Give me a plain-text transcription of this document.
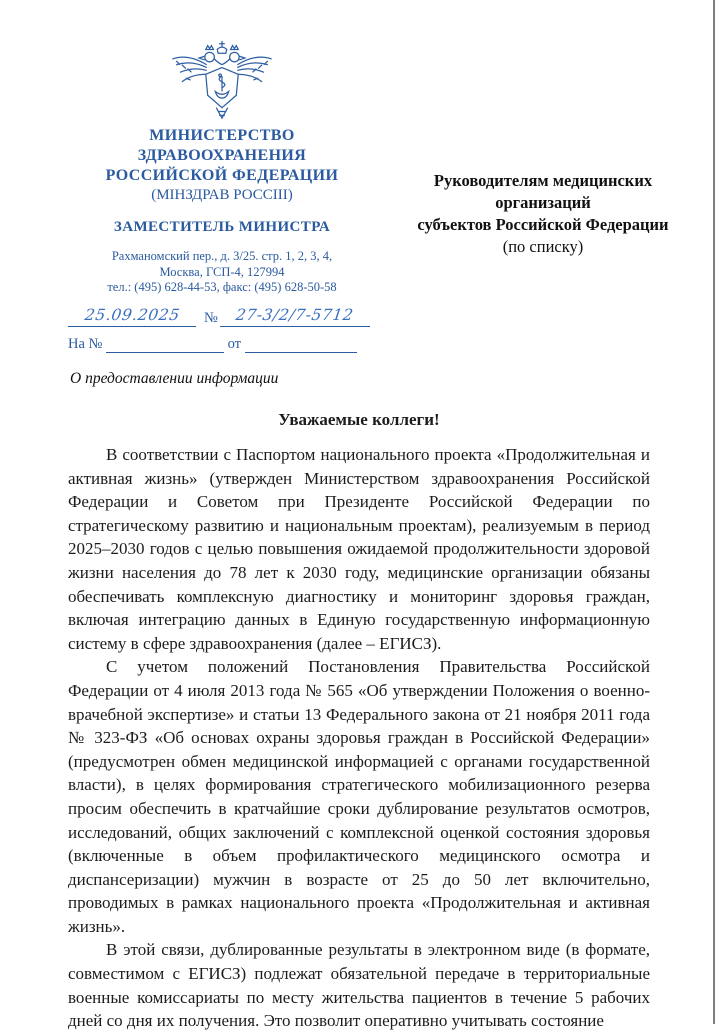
МИНИСТЕРСТВО
ЗДРАВООХРАНЕНИЯ
РОССИЙСКОЙ ФЕДЕРАЦИИ
(МІНЗДРАВ РОССІІІ)
ЗАМЕСТИТЕЛЬ МИНИСТРА
Рахманомский пер., д. 3/25. стр. 1, 2, 3, 4,
Москва, ГСП-4, 127994
тел.: (495) 628-44-53, факс: (495) 628-50-58
25.09.2025 № 27-3/2/7-5712
На №	от
Руководителям медицинских
организаций
субъектов Российской Федерации
(по списку)
О предоставлении информации
Уважаемые коллеги!

В соответствии с Паспортом национального проекта «Продолжительная и активная жизнь» (утвержден Министерством здравоохранения Российской Федерации и Советом при Президенте Российской Федерации по стратегическому развитию и национальным проектам), реализуемым в период 2025–2030 годов с целью повышения ожидаемой продолжительности здоровой жизни населения до 78 лет к 2030 году, медицинские организации обязаны обеспечивать комплексную диагностику и мониторинг здоровья граждан, включая интеграцию данных в Единую государственную информационную систему в сфере здравоохранения (далее – ЕГИСЗ).

С учетом положений Постановления Правительства Российской Федерации от 4 июля 2013 года № 565 «Об утверждении Положения о военно-врачебной экспертизе» и статьи 13 Федерального закона от 21 ноября 2011 года № 323-ФЗ «Об основах охраны здоровья граждан в Российской Федерации» (предусмотрен обмен медицинской информацией с органами государственной власти), в целях формирования стратегического мобилизационного резерва просим обеспечить в кратчайшие сроки дублирование результатов осмотров, исследований, общих заключений с комплексной оценкой состояния здоровья (включенные в объем профилактического медицинского осмотра и диспансеризации) мужчин в возрасте от 25 до 50 лет включительно, проводимых в рамках национального проекта «Продолжительная и активная жизнь».

В этой связи, дублированные результаты в электронном виде (в формате, совместимом с ЕГИСЗ) подлежат обязательной передаче в территориальные военные комиссариаты по месту жительства пациентов в течение 5 рабочих дней со дня их получения. Это позволит оперативно учитывать состояние
